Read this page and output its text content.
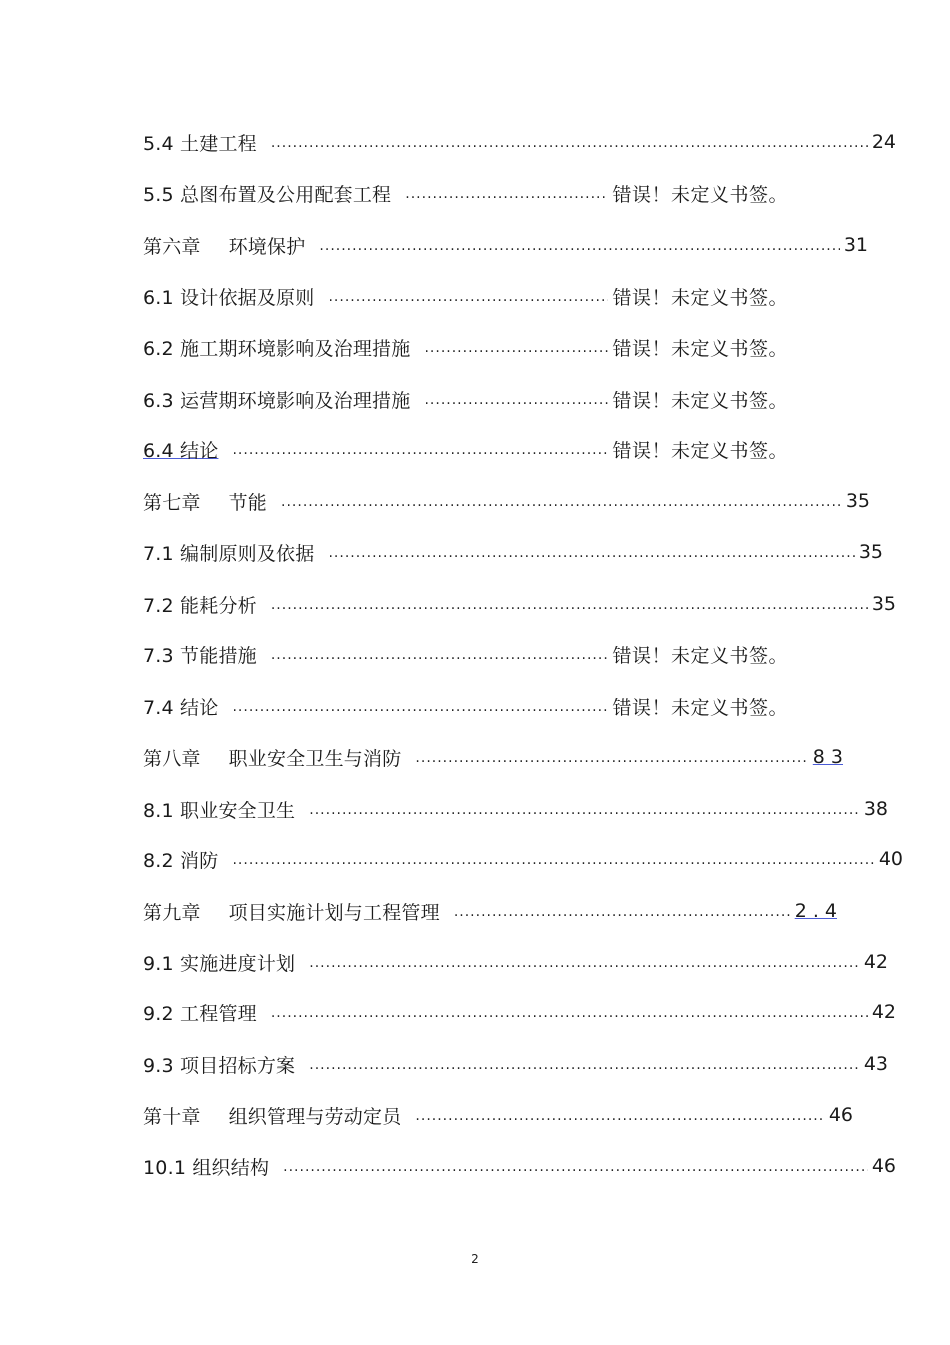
5.4 土建工程 .....	24
5.5 总图布置及公用配套工程 .....	错误！未定义书签。
第六章 环境保护 .....	31
6.1 设计依据及原则 .....	错误！未定义书签。
6.2 施工期环境影响及治理措施 .....	错误！未定义书签。
6.3 运营期环境影响及治理措施 .....	错误！未定义书签。
6.4 结论 .....	错误！未定义书签。
第七章 节能 .....	35
7.1 编制原则及依据 .....	35
7.2 能耗分析 .....	35
7.3 节能措施 .....	错误！未定义书签。
7.4 结论 .....	错误！未定义书签。
第八章 职业安全卫生与消防 .....	8 3
8.1 职业安全卫生 .....	38
8.2 消防 .....	40
第九章 项目实施计划与工程管理 .....	2 . 4
9.1 实施进度计划 .....	42
9.2 工程管理 .....	42
9.3 项目招标方案 .....	43
第十章 组织管理与劳动定员 .....	46
10.1 组织结构 .....	46
2
